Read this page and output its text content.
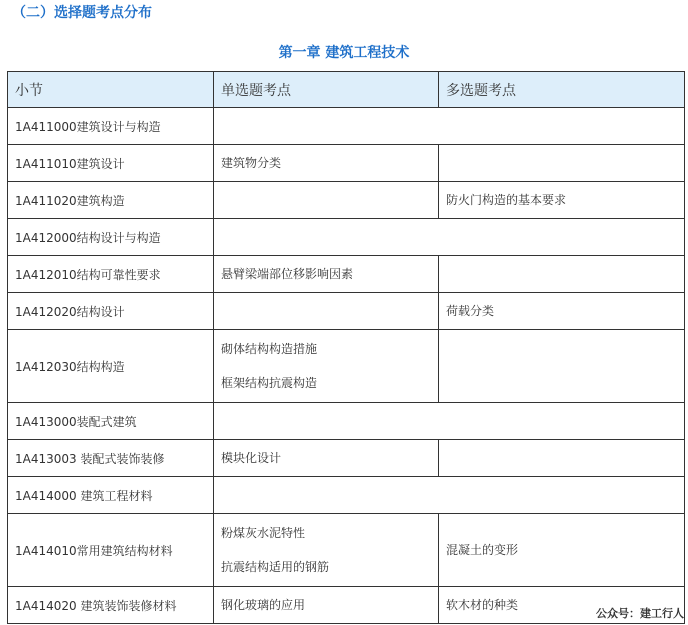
（二）选择题考点分布
第一章 建筑工程技术
小节	单选题考点	多选题考点
1A411000建筑设计与构造		
1A411010建筑设计	建筑物分类	

1A411020建筑构造		防火门构造的基本要求

1A412000结构设计与构造		
1A412010结构可靠性要求	悬臂梁端部位移影响因素	

1A412020结构设计		荷载分类

1A412030结构构造	砌体结构构造措施
框架结构抗震构造	

1A413000装配式建筑		
1A413003 装配式装饰装修	模块化设计	

1A414000 建筑工程材料		
1A414010常用建筑结构材料	粉煤灰水泥特性
抗震结构适用的钢筋	混凝土的变形

1A414020 建筑装饰装修材料	钢化玻璃的应用	软木材的种类
公众号：建工行人
